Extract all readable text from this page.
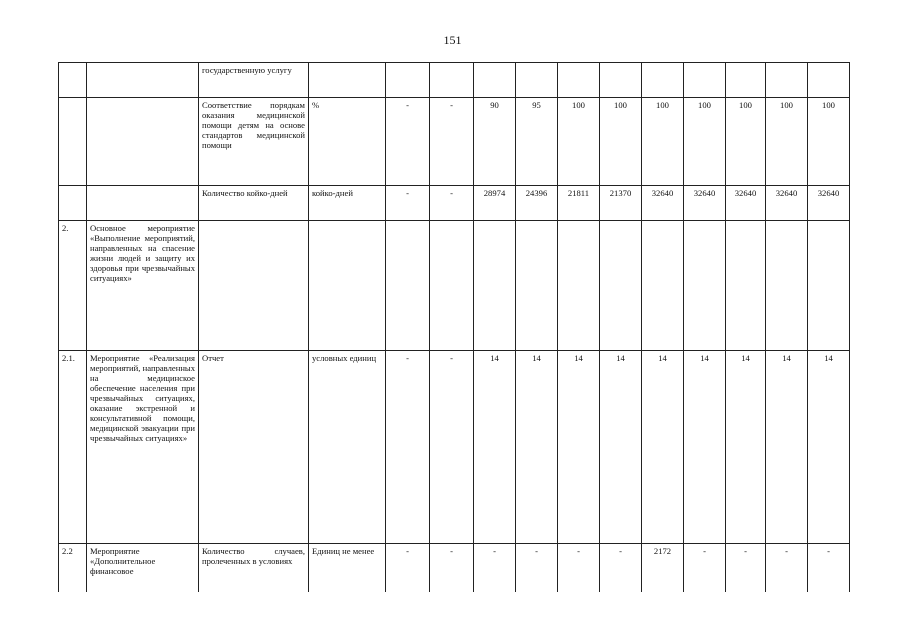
151
		государственную услугу												
		Соответствие порядкам оказания медицинской помощи детям на основе стандартов медицинской помощи	%	-	-	90	95	100	100	100	100	100	100	100
		Количество койко-дней	койко-дней	-	-	28974	24396	21811	21370	32640	32640	32640	32640	32640
2.	Основное мероприятие «Выполнение мероприятий, направленных на спасение жизни людей и защиту их здоровья при чрезвычайных ситуациях»													
2.1.	Мероприятие «Реализация мероприятий, направленных на медицинское обеспечение населения при чрезвычайных ситуациях, оказание экстренной и консультативной помощи, медицинской эвакуации при чрезвычайных ситуациях»	Отчет	условных единиц	-	-	14	14	14	14	14	14	14	14	14
2.2	Мероприятие «Дополнительное финансовое	Количество случаев, пролеченных в условиях	Единиц не менее	-	-	-	-	-	-	2172	-	-	-	-
